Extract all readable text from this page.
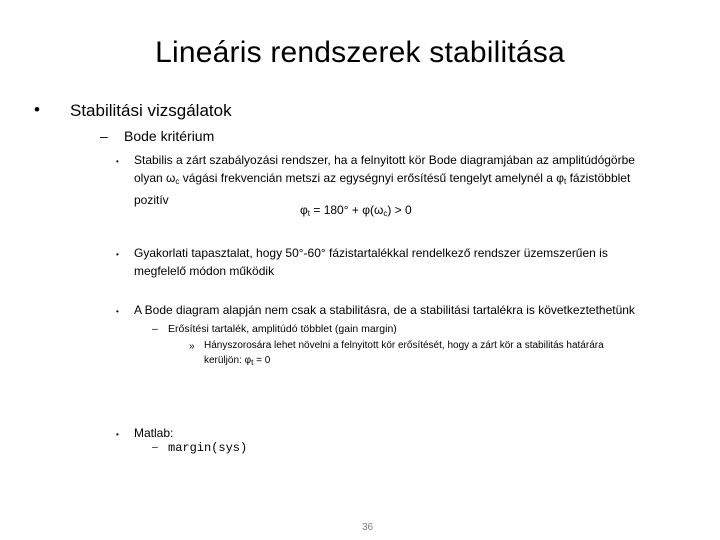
Lineáris rendszerek stabilitása
• Stabilitási vizsgálatok
– Bode kritérium
• Stabilis a zárt szabályozási rendszer, ha a felnyitott kör Bode diagramjában az amplitúdógörbe
olyan $\omega_c$ vágási frekvencián metszi az egységnyi erősítésű tengelyt amelynél a $\varphi_t$ fázistöbblet
pozitív
$\varphi_t = 180^\circ + \varphi(\omega_c) > 0$
• Gyakorlati tapasztalat, hogy 50°-60° fázistartalékkal rendelkező rendszer üzemszerűen is
megfelelő módon működik
• A Bode diagram alapján nem csak a stabilitásra, de a stabilitási tartalékra is következtethetünk
– Erősítési tartalék, amplitúdó többlet (gain margin)
» Hányszorosára lehet növelni a felnyitott kör erősítését, hogy a zárt kör a stabilitás határára
kerüljön: $\varphi_t = 0$
• Matlab:
– margin(sys)
36
